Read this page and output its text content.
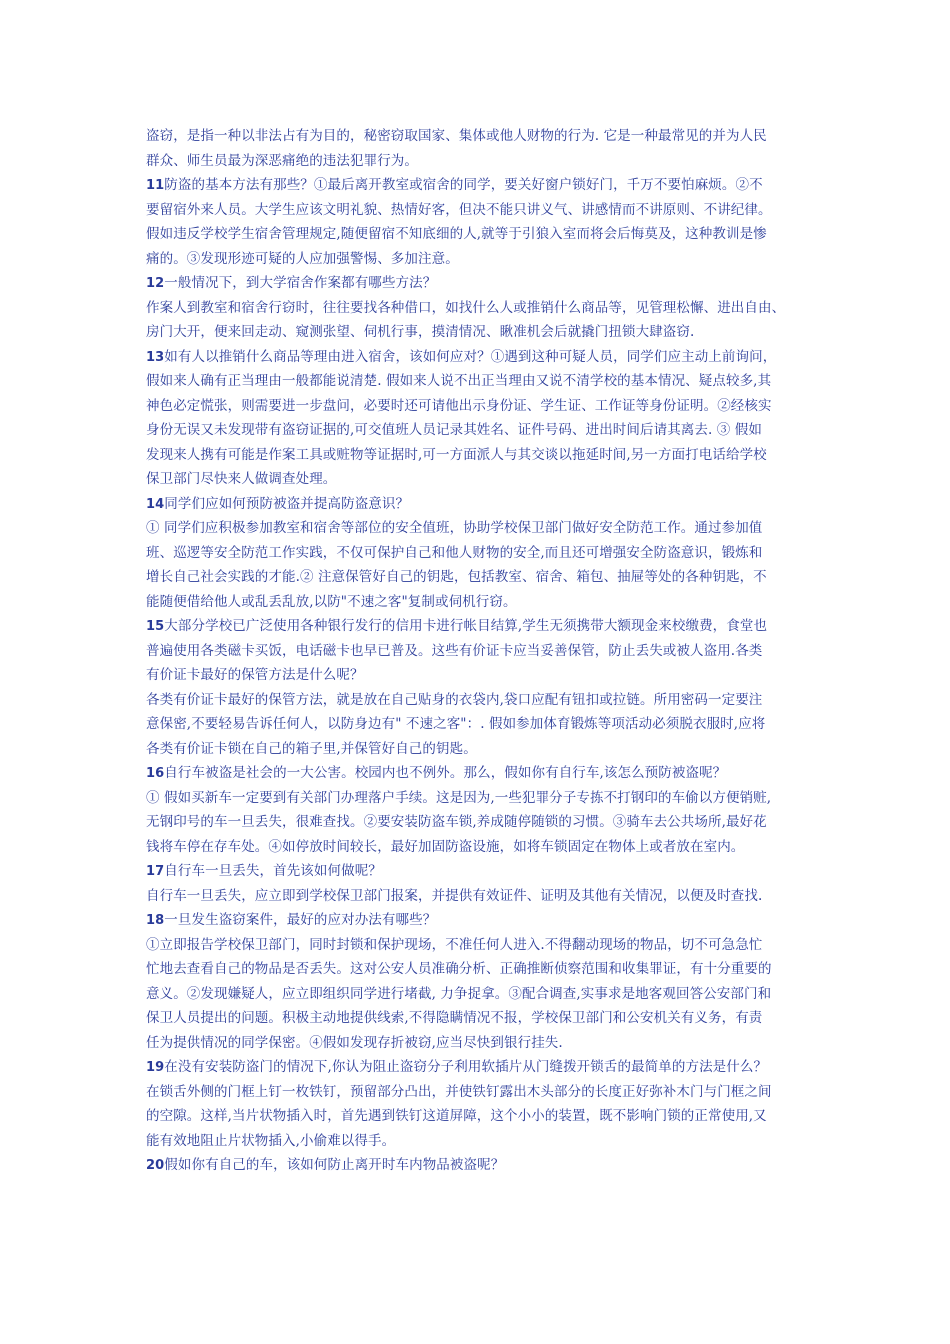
盗窃，是指一种以非法占有为目的，秘密窃取国家、集体或他人财物的行为. 它是一种最常见的并为人民
群众、师生员最为深恶痛绝的违法犯罪行为。
11防盗的基本方法有那些？①最后离开教室或宿舍的同学，要关好窗户锁好门，千万不要怕麻烦。②不
要留宿外来人员。大学生应该文明礼貌、热情好客，但决不能只讲义气、讲感情而不讲原则、不讲纪律。
假如违反学校学生宿舍管理规定,随便留宿不知底细的人,就等于引狼入室而将会后悔莫及，这种教训是惨
痛的。③发现形迹可疑的人应加强警惕、多加注意。
12一般情况下，到大学宿舍作案都有哪些方法？
作案人到教室和宿舍行窃时，往往要找各种借口，如找什么人或推销什么商品等，见管理松懈、进出自由、
房门大开，便来回走动、窥测张望、伺机行事，摸清情况、瞅准机会后就撬门扭锁大肆盗窃.
13如有人以推销什么商品等理由进入宿舍，该如何应对？①遇到这种可疑人员，同学们应主动上前询问，
假如来人确有正当理由一般都能说清楚. 假如来人说不出正当理由又说不清学校的基本情况、疑点较多,其
神色必定慌张，则需要进一步盘问，必要时还可请他出示身份证、学生证、工作证等身份证明。②经核实
身份无误又未发现带有盗窃证据的,可交值班人员记录其姓名、证件号码、进出时间后请其离去. ③ 假如
发现来人携有可能是作案工具或赃物等证据时,可一方面派人与其交谈以拖延时间,另一方面打电话给学校
保卫部门尽快来人做调查处理。
14同学们应如何预防被盗并提高防盗意识？
① 同学们应积极参加教室和宿舍等部位的安全值班，协助学校保卫部门做好安全防范工作。通过参加值
班、巡逻等安全防范工作实践，不仅可保护自己和他人财物的安全,而且还可增强安全防盗意识，锻炼和
增长自己社会实践的才能.② 注意保管好自己的钥匙，包括教室、宿舍、箱包、抽屉等处的各种钥匙，不
能随便借给他人或乱丢乱放,以防"不速之客"复制或伺机行窃。
15大部分学校已广泛使用各种银行发行的信用卡进行帐目结算,学生无须携带大额现金来校缴费，食堂也
普遍使用各类磁卡买饭，电话磁卡也早已普及。这些有价证卡应当妥善保管，防止丢失或被人盗用.各类
有价证卡最好的保管方法是什么呢？
各类有价证卡最好的保管方法，就是放在自己贴身的衣袋内,袋口应配有钮扣或拉链。所用密码一定要注
意保密,不要轻易告诉任何人，以防身边有" 不速之客"：. 假如参加体育锻炼等项活动必须脱衣服时,应将
各类有价证卡锁在自己的箱子里,并保管好自己的钥匙。
16自行车被盗是社会的一大公害。校园内也不例外。那么，假如你有自行车,该怎么预防被盗呢？
① 假如买新车一定要到有关部门办理落户手续。这是因为,一些犯罪分子专拣不打钢印的车偷以方便销赃,
无钢印号的车一旦丢失，很难查找。②要安装防盗车锁,养成随停随锁的习惯。③骑车去公共场所,最好花
钱将车停在存车处。④如停放时间较长，最好加固防盗设施，如将车锁固定在物体上或者放在室内。
17自行车一旦丢失，首先该如何做呢？
自行车一旦丢失，应立即到学校保卫部门报案，并提供有效证件、证明及其他有关情况，以便及时查找.
18一旦发生盗窃案件，最好的应对办法有哪些？
①立即报告学校保卫部门，同时封锁和保护现场，不准任何人进入.不得翻动现场的物品，切不可急急忙
忙地去查看自己的物品是否丢失。这对公安人员准确分析、正确推断侦察范围和收集罪证，有十分重要的
意义。②发现嫌疑人，应立即组织同学进行堵截, 力争捉拿。③配合调查,实事求是地客观回答公安部门和
保卫人员提出的问题。积极主动地提供线索,不得隐瞒情况不报，学校保卫部门和公安机关有义务，有责
任为提供情况的同学保密。④假如发现存折被窃,应当尽快到银行挂失.
19在没有安装防盗门的情况下,你认为阻止盗窃分子利用软插片从门缝拨开锁舌的最简单的方法是什么？
在锁舌外侧的门框上钉一枚铁钉，预留部分凸出，并使铁钉露出木头部分的长度正好弥补木门与门框之间
的空隙。这样,当片状物插入时，首先遇到铁钉这道屏障，这个小小的装置，既不影响门锁的正常使用,又
能有效地阻止片状物插入,小偷难以得手。
20假如你有自己的车，该如何防止离开时车内物品被盗呢？
